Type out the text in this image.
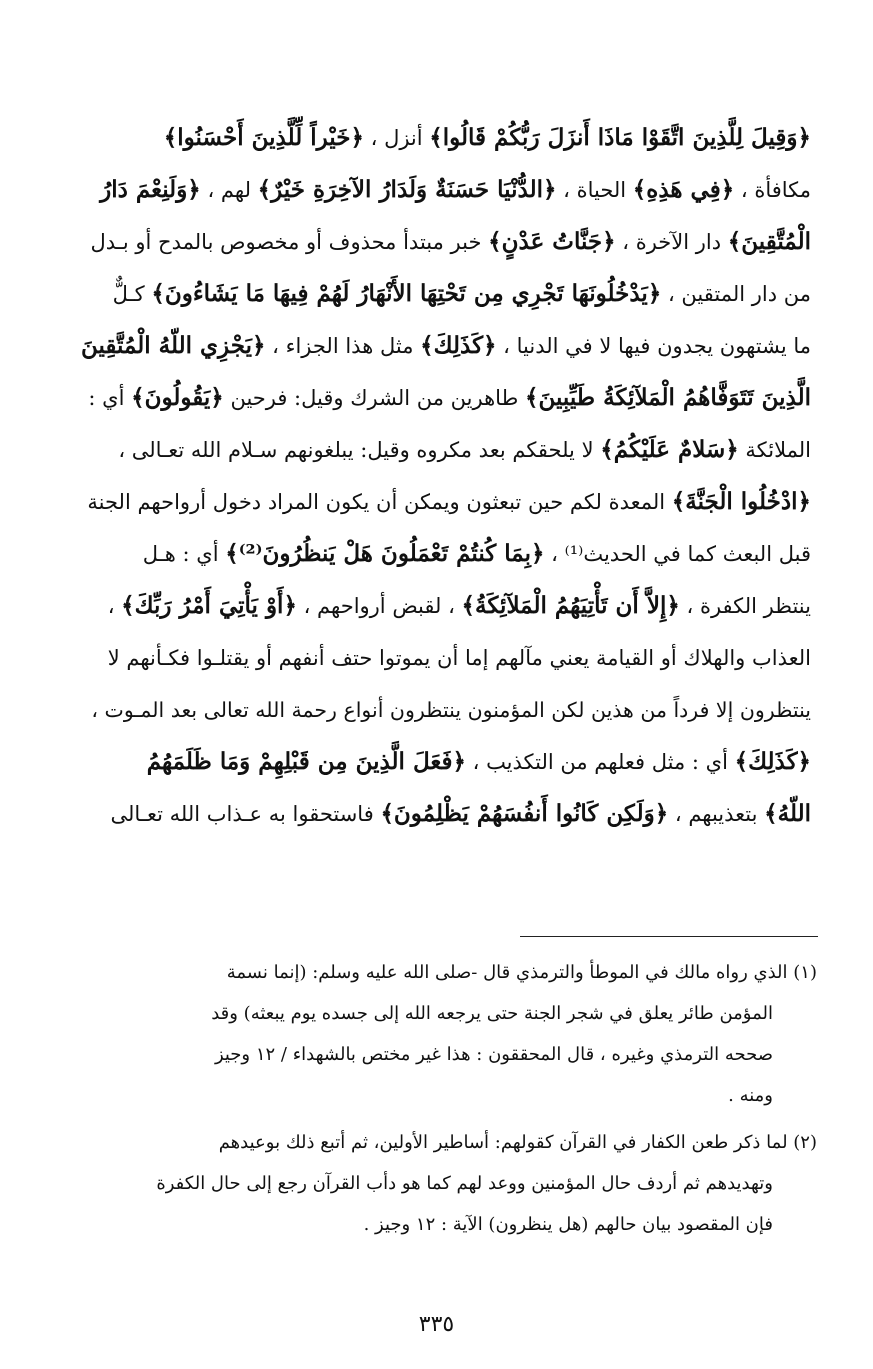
﴿وَقِيلَ لِلَّذِينَ اتَّقَوْا مَاذَا أَنزَلَ رَبُّكُمْ قَالُوا﴾ أنزل ، ﴿خَيْراً لِّلَّذِينَ أَحْسَنُوا﴾
مكافأة ، ﴿فِي هَذِهِ﴾ الحياة ، ﴿الدُّنْيَا حَسَنَةٌ وَلَدَارُ الآخِرَةِ خَيْرٌ﴾ لهم ، ﴿وَلَنِعْمَ دَارُ
الْمُتَّقِينَ﴾ دار الآخرة ، ﴿جَنَّاتُ عَدْنٍ﴾ خبر مبتدأ محذوف أو مخصوص بالمدح أو بـدل
من دار المتقين ، ﴿يَدْخُلُونَهَا تَجْرِي مِن تَحْتِهَا الأَنْهَارُ لَهُمْ فِيهَا مَا يَشَاءُونَ﴾ كـلٌّ
ما يشتهون يجدون فيها لا في الدنيا ، ﴿كَذَلِكَ﴾ مثل هذا الجزاء ، ﴿يَجْزِي اللّهُ الْمُتَّقِينَ
الَّذِينَ تَتَوَفَّاهُمُ الْمَلآئِكَةُ طَيِّبِينَ﴾ طاهرين من الشرك وقيل: فرحين ﴿يَقُولُونَ﴾ أي :
الملائكة ﴿سَلامٌ عَلَيْكُمُ﴾ لا يلحقكم بعد مكروه وقيل: يبلغونهم سـلام الله تعـالى ،
﴿ادْخُلُوا الْجَنَّةَ﴾ المعدة لكم حين تبعثون ويمكن أن يكون المراد دخول أرواحهم الجنة
قبل البعث كما في الحديث⁽¹⁾ ، ﴿بِمَا كُنتُمْ تَعْمَلُونَ هَلْ يَنظُرُونَ⁽²⁾﴾ أي : هـل
ينتظر الكفرة ، ﴿إِلاَّ أَن تَأْتِيَهُمُ الْمَلآئِكَةُ﴾ ، لقبض أرواحهم ، ﴿أَوْ يَأْتِيَ أَمْرُ رَبِّكَ﴾ ،
العذاب والهلاك أو القيامة يعني مآلهم إما أن يموتوا حتف أنفهم أو يقتلـوا فكـأنهم لا
ينتظرون إلا فرداً من هذين لكن المؤمنون ينتظرون أنواع رحمة الله تعالى بعد المـوت ،
﴿كَذَلِكَ﴾ أي : مثل فعلهم من التكذيب ، ﴿فَعَلَ الَّذِينَ مِن قَبْلِهِمْ وَمَا ظَلَمَهُمُ
اللّهُ﴾ بتعذيبهم ، ﴿وَلَكِن كَانُوا أَنفُسَهُمْ يَظْلِمُونَ﴾ فاستحقوا به عـذاب الله تعـالى
(١) الذي رواه مالك في الموطأ والترمذي قال -صلى الله عليه وسلم: (إنما نسمة
المؤمن طائر يعلق في شجر الجنة حتى يرجعه الله إلى جسده يوم يبعثه) وقد
صححه الترمذي وغيره ، قال المحققون : هذا غير مختص بالشهداء / ١٢ وجيز
ومنه .
(٢) لما ذكر طعن الكفار في القرآن كقولهم: أساطير الأولين، ثم أتبع ذلك بوعيدهم
وتهديدهم ثم أردف حال المؤمنين ووعد لهم كما هو دأب القرآن رجع إلى حال الكفرة
فإن المقصود بيان حالهم (هل ينظرون) الآية : ١٢ وجيز .
٣٣٥
